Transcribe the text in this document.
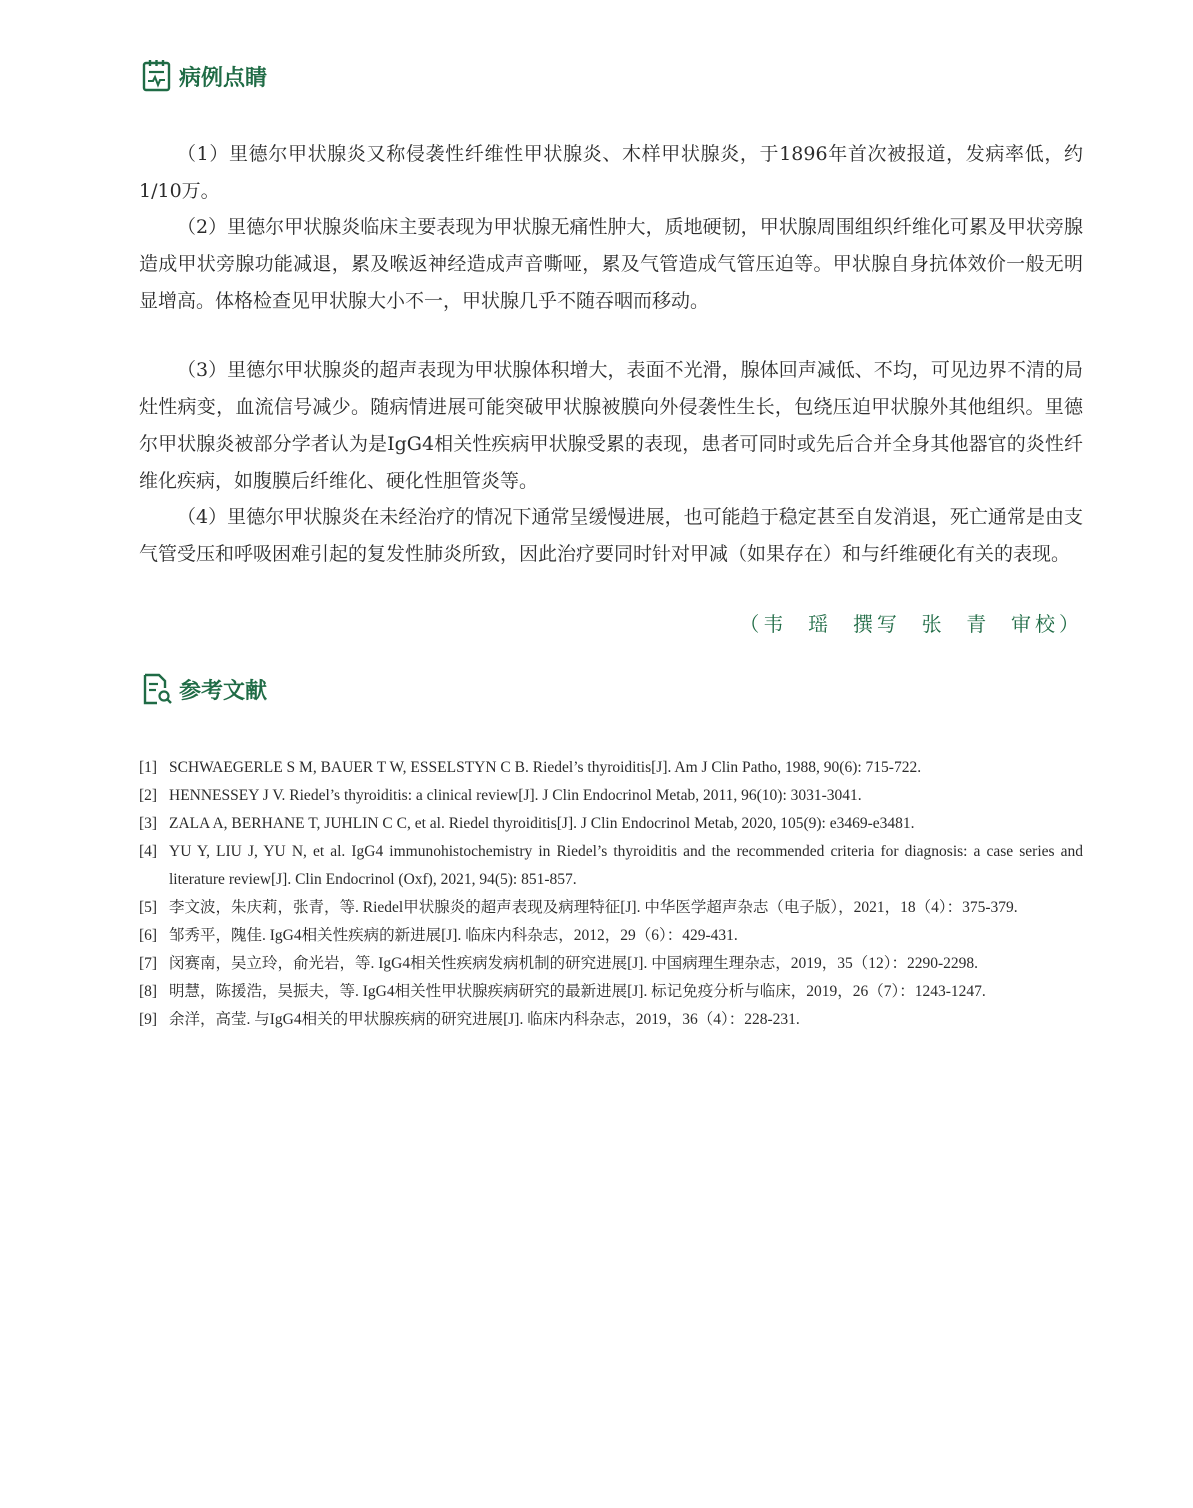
病例点睛

（1）里德尔甲状腺炎又称侵袭性纤维性甲状腺炎、木样甲状腺炎，于1896年首次被报道，发病率低，约1/10万。

（2）里德尔甲状腺炎临床主要表现为甲状腺无痛性肿大，质地硬韧，甲状腺周围组织纤维化可累及甲状旁腺造成甲状旁腺功能减退，累及喉返神经造成声音嘶哑，累及气管造成气管压迫等。甲状腺自身抗体效价一般无明显增高。体格检查见甲状腺大小不一，甲状腺几乎不随吞咽而移动。

（3）里德尔甲状腺炎的超声表现为甲状腺体积增大，表面不光滑，腺体回声减低、不均，可见边界不清的局灶性病变，血流信号减少。随病情进展可能突破甲状腺被膜向外侵袭性生长，包绕压迫甲状腺外其他组织。里德尔甲状腺炎被部分学者认为是IgG4相关性疾病甲状腺受累的表现，患者可同时或先后合并全身其他器官的炎性纤维化疾病，如腹膜后纤维化、硬化性胆管炎等。

（4）里德尔甲状腺炎在未经治疗的情况下通常呈缓慢进展，也可能趋于稳定甚至自发消退，死亡通常是由支气管受压和呼吸困难引起的复发性肺炎所致，因此治疗要同时针对甲减（如果存在）和与纤维硬化有关的表现。

（韦  瑶  撰写  张  青  审校）
参考文献
[1] SCHWAEGERLE S M, BAUER T W, ESSELSTYN C B. Riedel’s thyroiditis[J]. Am J Clin Patho, 1988, 90(6): 715-722.
[2] HENNESSEY J V. Riedel’s thyroiditis: a clinical review[J]. J Clin Endocrinol Metab, 2011, 96(10): 3031-3041.
[3] ZALA A, BERHANE T, JUHLIN C C, et al. Riedel thyroiditis[J]. J Clin Endocrinol Metab, 2020, 105(9): e3469-e3481.
[4] YU Y, LIU J, YU N, et al. IgG4 immunohistochemistry in Riedel’s thyroiditis and the recommended criteria for diagnosis: a case series and literature review[J]. Clin Endocrinol (Oxf), 2021, 94(5): 851-857.
[5] 李文波，朱庆莉，张青，等. Riedel甲状腺炎的超声表现及病理特征[J]. 中华医学超声杂志（电子版），2021，18（4）：375-379.
[6] 邹秀平，隗佳. IgG4相关性疾病的新进展[J]. 临床内科杂志，2012，29（6）：429-431.
[7] 闵赛南，吴立玲，俞光岩，等. IgG4相关性疾病发病机制的研究进展[J]. 中国病理生理杂志，2019，35（12）：2290-2298.
[8] 明慧，陈援浩，吴振夫，等. IgG4相关性甲状腺疾病研究的最新进展[J]. 标记免疫分析与临床，2019，26（7）：1243-1247.
[9] 余洋，高莹. 与IgG4相关的甲状腺疾病的研究进展[J]. 临床内科杂志，2019，36（4）：228-231.
